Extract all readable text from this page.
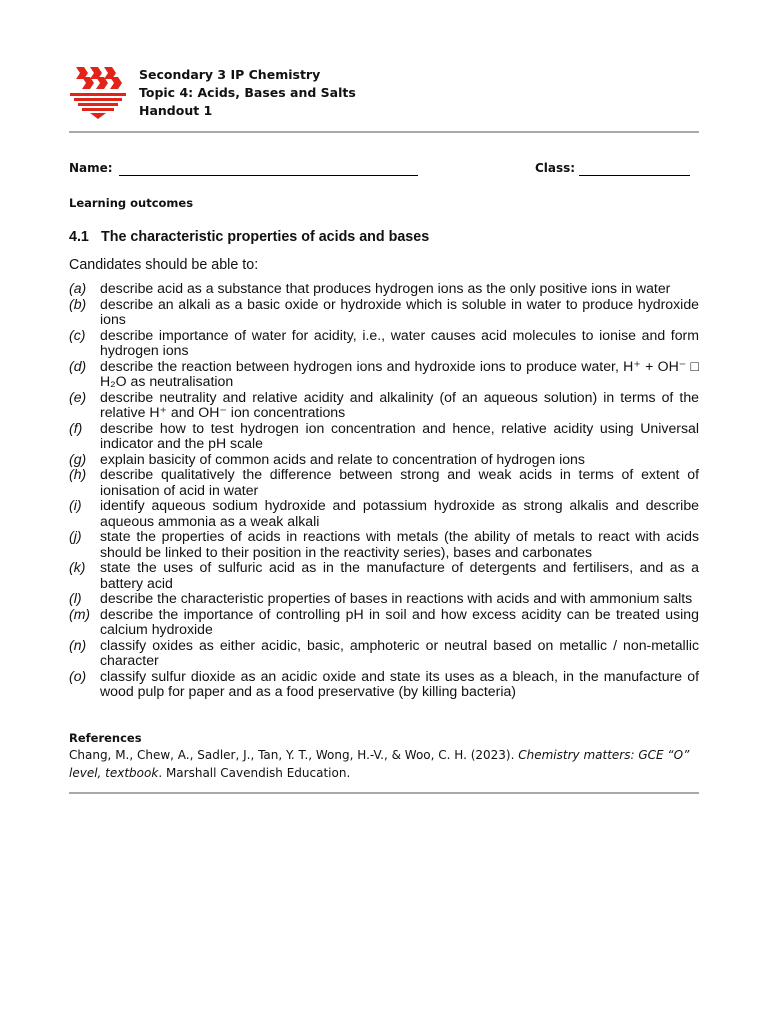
Secondary 3 IP Chemistry
Topic 4: Acids, Bases and Salts
Handout 1
Name:	Class:
Learning outcomes
4.1 The characteristic properties of acids and bases
Candidates should be able to:
(a) describe acid as a substance that produces hydrogen ions as the only positive ions in water
(b) describe an alkali as a basic oxide or hydroxide which is soluble in water to produce hydroxide ions
(c) describe importance of water for acidity, i.e., water causes acid molecules to ionise and form hydrogen ions
(d) describe the reaction between hydrogen ions and hydroxide ions to produce water, H⁺ + OH⁻ □ H₂O as neutralisation
(e) describe neutrality and relative acidity and alkalinity (of an aqueous solution) in terms of the relative H⁺ and OH⁻ ion concentrations
(f) describe how to test hydrogen ion concentration and hence, relative acidity using Universal indicator and the pH scale
(g) explain basicity of common acids and relate to concentration of hydrogen ions
(h) describe qualitatively the difference between strong and weak acids in terms of extent of ionisation of acid in water
(i) identify aqueous sodium hydroxide and potassium hydroxide as strong alkalis and describe aqueous ammonia as a weak alkali
(j) state the properties of acids in reactions with metals (the ability of metals to react with acids should be linked to their position in the reactivity series), bases and carbonates
(k) state the uses of sulfuric acid as in the manufacture of detergents and fertilisers, and as a battery acid
(l) describe the characteristic properties of bases in reactions with acids and with ammonium salts
(m) describe the importance of controlling pH in soil and how excess acidity can be treated using calcium hydroxide
(n) classify oxides as either acidic, basic, amphoteric or neutral based on metallic / non-metallic character
(o) classify sulfur dioxide as an acidic oxide and state its uses as a bleach, in the manufacture of wood pulp for paper and as a food preservative (by killing bacteria)
References
Chang, M., Chew, A., Sadler, J., Tan, Y. T., Wong, H.-V., & Woo, C. H. (2023). Chemistry matters: GCE “O” level, textbook. Marshall Cavendish Education.
